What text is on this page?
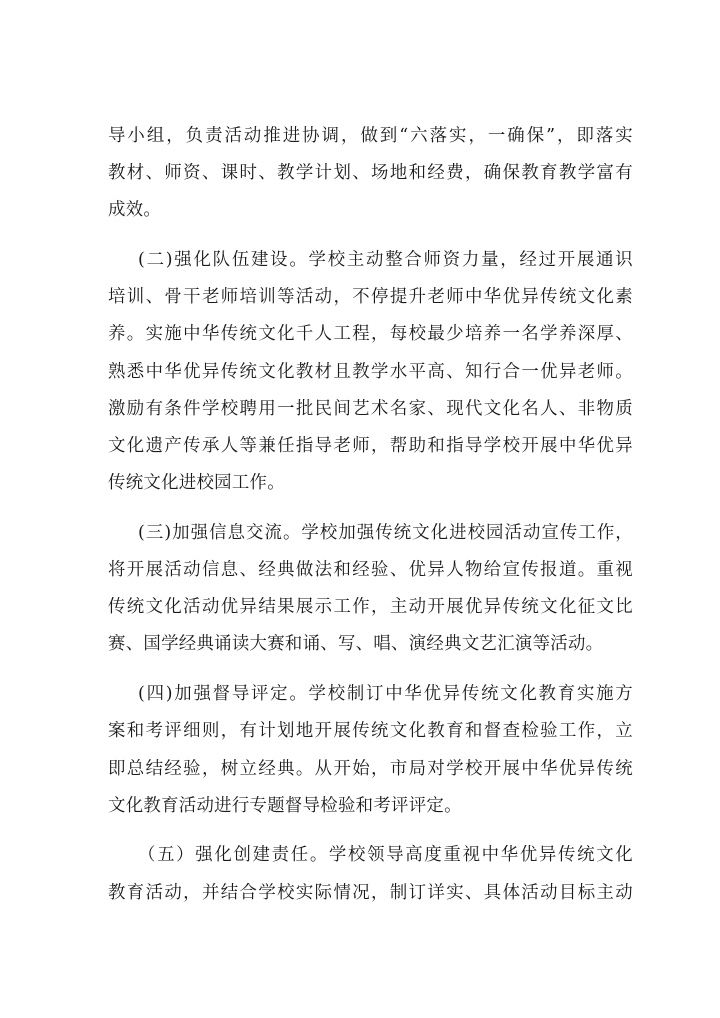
导小组，负责活动推进协调，做到“六落实，一确保”，即落实
教材、师资、课时、教学计划、场地和经费，确保教育教学富有
成效。
(二)强化队伍建设。学校主动整合师资力量，经过开展通识
培训、骨干老师培训等活动，不停提升老师中华优异传统文化素
养。实施中华传统文化千人工程，每校最少培养一名学养深厚、
熟悉中华优异传统文化教材且教学水平高、知行合一优异老师。
激励有条件学校聘用一批民间艺术名家、现代文化名人、非物质
文化遗产传承人等兼任指导老师，帮助和指导学校开展中华优异
传统文化进校园工作。
(三)加强信息交流。学校加强传统文化进校园活动宣传工作，
将开展活动信息、经典做法和经验、优异人物给宣传报道。重视
传统文化活动优异结果展示工作，主动开展优异传统文化征文比
赛、国学经典诵读大赛和诵、写、唱、演经典文艺汇演等活动。
(四)加强督导评定。学校制订中华优异传统文化教育实施方
案和考评细则，有计划地开展传统文化教育和督查检验工作，立
即总结经验，树立经典。从开始，市局对学校开展中华优异传统
文化教育活动进行专题督导检验和考评评定。
（五）强化创建责任。学校领导高度重视中华优异传统文化
教育活动，并结合学校实际情况，制订详实、具体活动目标主动
